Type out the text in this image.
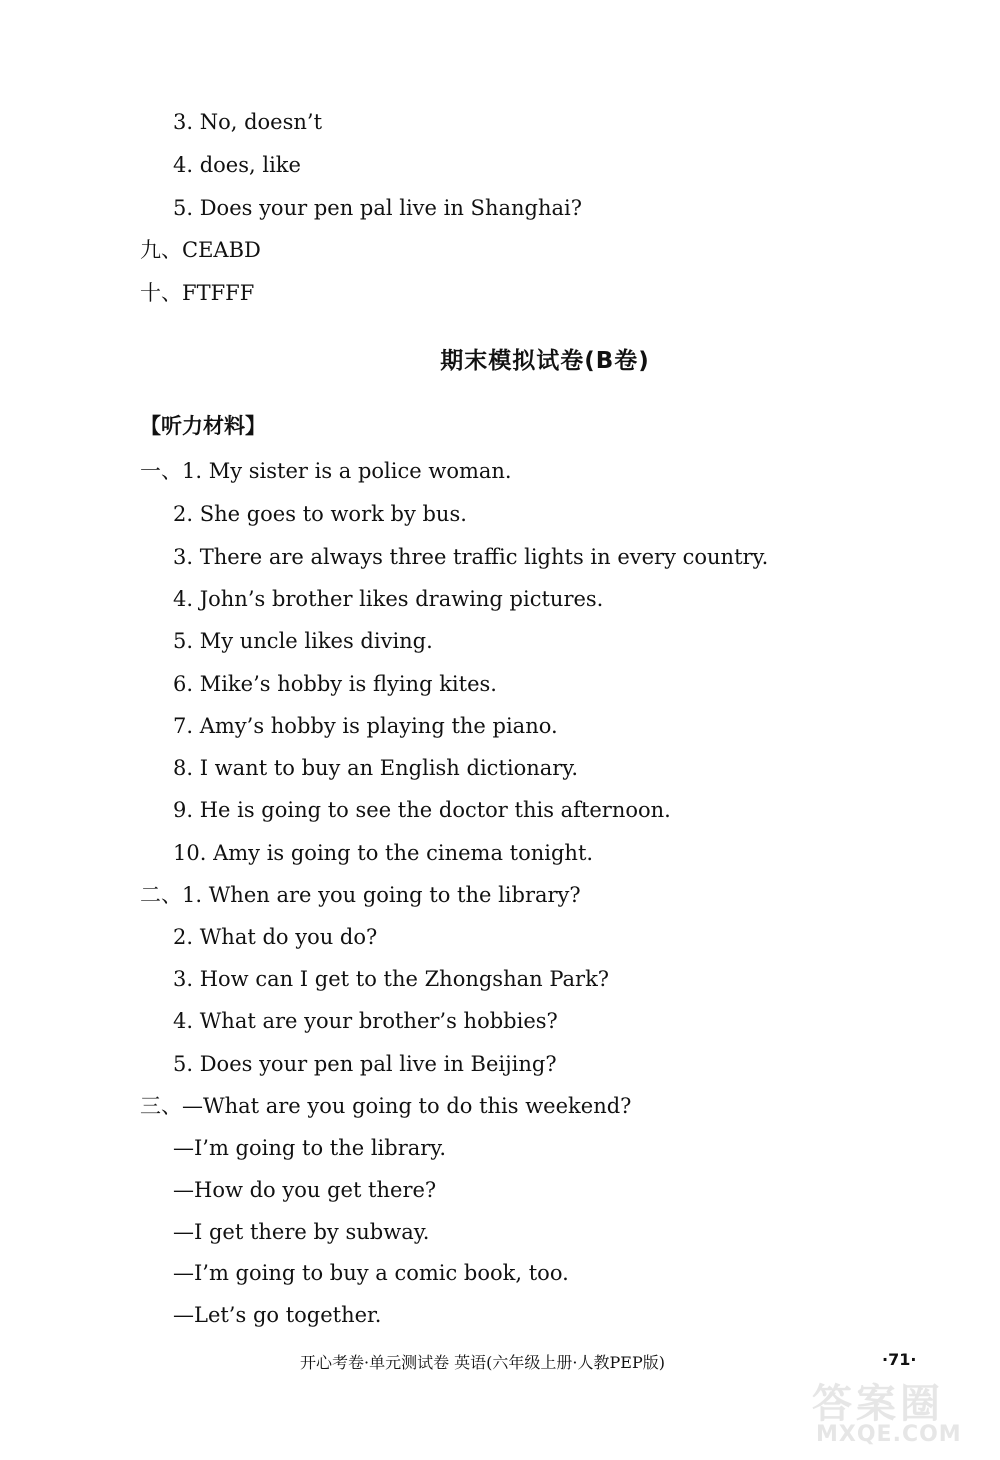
3. No, doesn’t
4. does, like
5. Does your pen pal live in Shanghai?
九、CEABD
十、FTFFF
期末模拟试卷(B卷)
【听力材料】
一、1. My sister is a police woman.
2. She goes to work by bus.
3. There are always three traffic lights in every country.
4. John’s brother likes drawing pictures.
5. My uncle likes diving.
6. Mike’s hobby is flying kites.
7. Amy’s hobby is playing the piano.
8. I want to buy an English dictionary.
9. He is going to see the doctor this afternoon.
10. Amy is going to the cinema tonight.
二、1. When are you going to the library?
2. What do you do?
3. How can I get to the Zhongshan Park?
4. What are your brother’s hobbies?
5. Does your pen pal live in Beijing?
三、—What are you going to do this weekend?
—I’m going to the library.
—How do you get there?
—I get there by subway.
—I’m going to buy a comic book, too.
—Let’s go together.
开心考卷·单元测试卷 英语(六年级上册·人教PEP版)	·71·
答案圈
MXQE.COM
